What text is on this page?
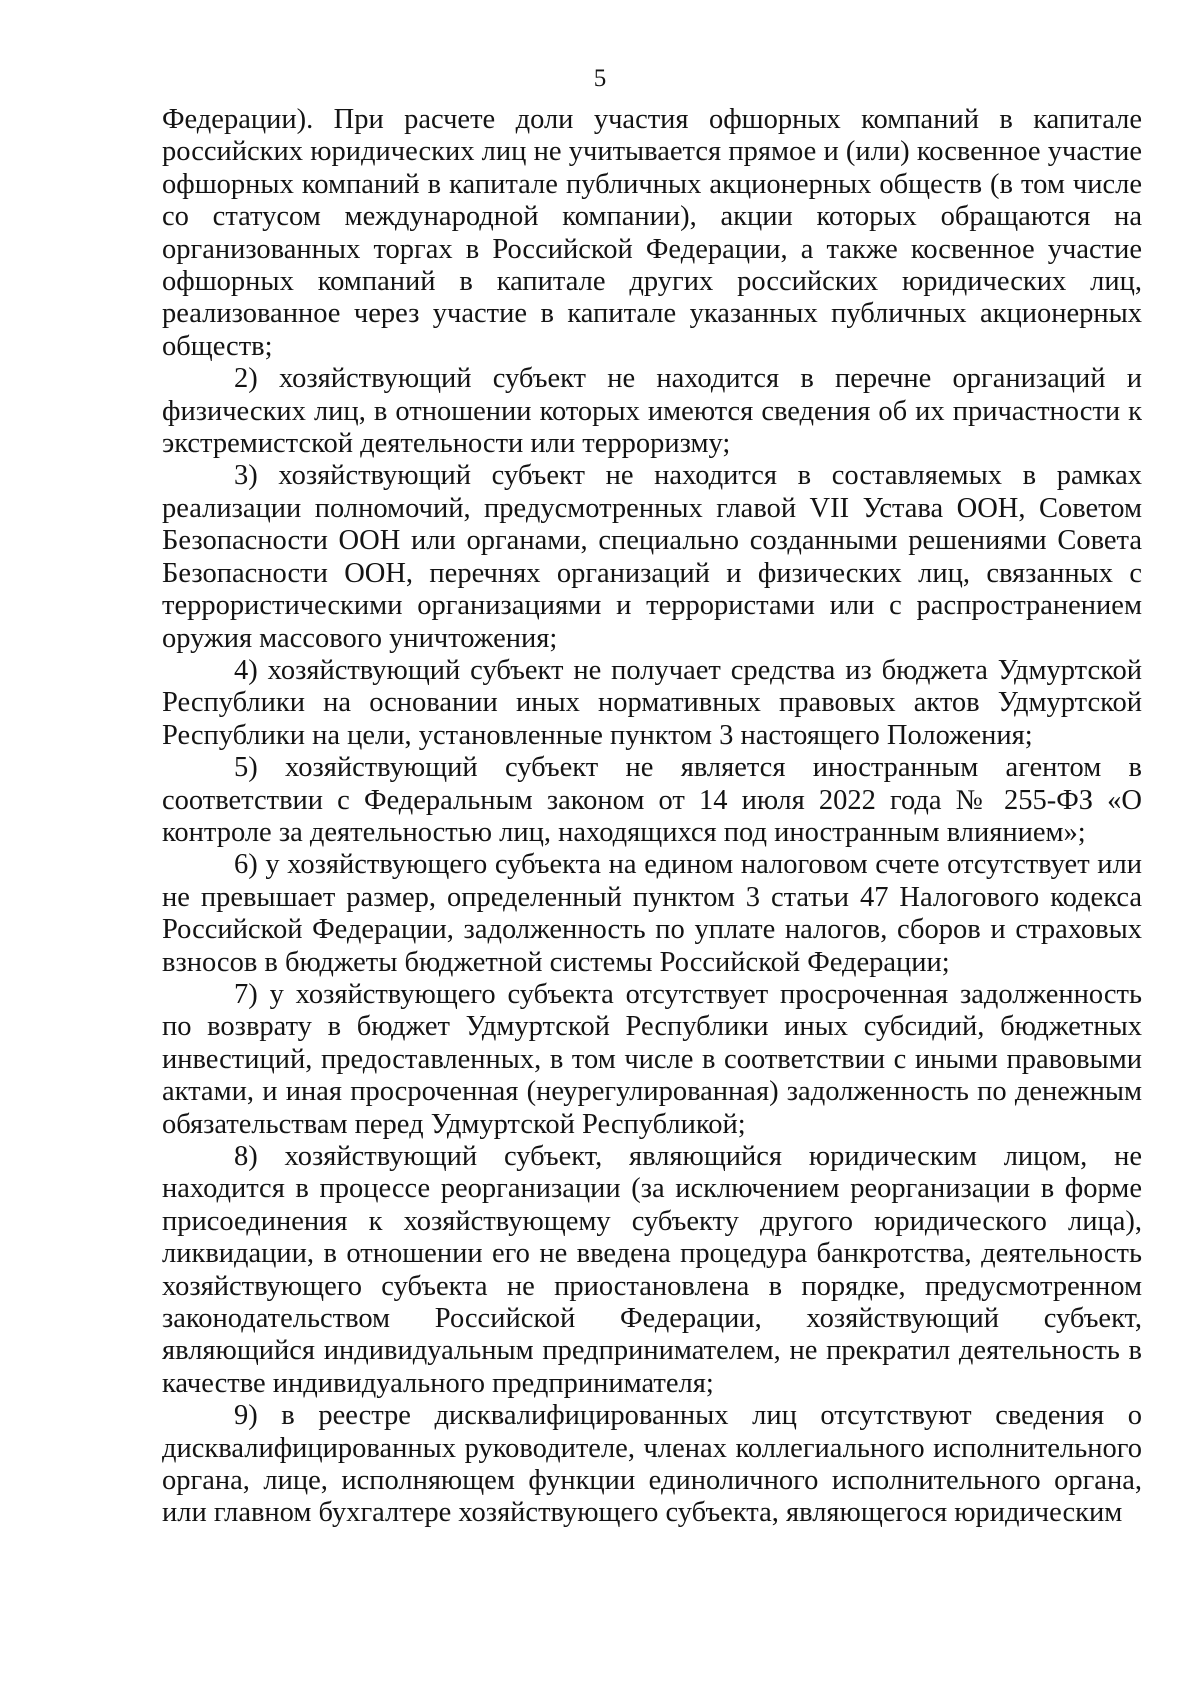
5

Федерации). При расчете доли участия офшорных компаний в капитале российских юридических лиц не учитывается прямое и (или) косвенное участие офшорных компаний в капитале публичных акционерных обществ (в том числе со статусом международной компании), акции которых обращаются на организованных торгах в Российской Федерации, а также косвенное участие офшорных компаний в капитале других российских юридических лиц, реализованное через участие в капитале указанных публичных акционерных обществ;

2) хозяйствующий субъект не находится в перечне организаций и физических лиц, в отношении которых имеются сведения об их причастности к экстремистской деятельности или терроризму;

3) хозяйствующий субъект не находится в составляемых в рамках реализации полномочий, предусмотренных главой VII Устава ООН, Советом Безопасности ООН или органами, специально созданными решениями Совета Безопасности ООН, перечнях организаций и физических лиц, связанных с террористическими организациями и террористами или с распространением оружия массового уничтожения;

4) хозяйствующий субъект не получает средства из бюджета Удмуртской Республики на основании иных нормативных правовых актов Удмуртской Республики на цели, установленные пунктом 3 настоящего Положения;

5) хозяйствующий субъект не является иностранным агентом в соответствии с Федеральным законом от 14 июля 2022 года № 255-ФЗ «О контроле за деятельностью лиц, находящихся под иностранным влиянием»;

6) у хозяйствующего субъекта на едином налоговом счете отсутствует или не превышает размер, определенный пунктом 3 статьи 47 Налогового кодекса Российской Федерации, задолженность по уплате налогов, сборов и страховых взносов в бюджеты бюджетной системы Российской Федерации;

7) у хозяйствующего субъекта отсутствует просроченная задолженность по возврату в бюджет Удмуртской Республики иных субсидий, бюджетных инвестиций, предоставленных, в том числе в соответствии с иными правовыми актами, и иная просроченная (неурегулированная) задолженность по денежным обязательствам перед Удмуртской Республикой;

8) хозяйствующий субъект, являющийся юридическим лицом, не находится в процессе реорганизации (за исключением реорганизации в форме присоединения к хозяйствующему субъекту другого юридического лица), ликвидации, в отношении его не введена процедура банкротства, деятельность хозяйствующего субъекта не приостановлена в порядке, предусмотренном законодательством Российской Федерации, хозяйствующий субъект, являющийся индивидуальным предпринимателем, не прекратил деятельность в качестве индивидуального предпринимателя;

9) в реестре дисквалифицированных лиц отсутствуют сведения о дисквалифицированных руководителе, членах коллегиального исполнительного органа, лице, исполняющем функции единоличного исполнительного органа, или главном бухгалтере хозяйствующего субъекта, являющегося юридическим
